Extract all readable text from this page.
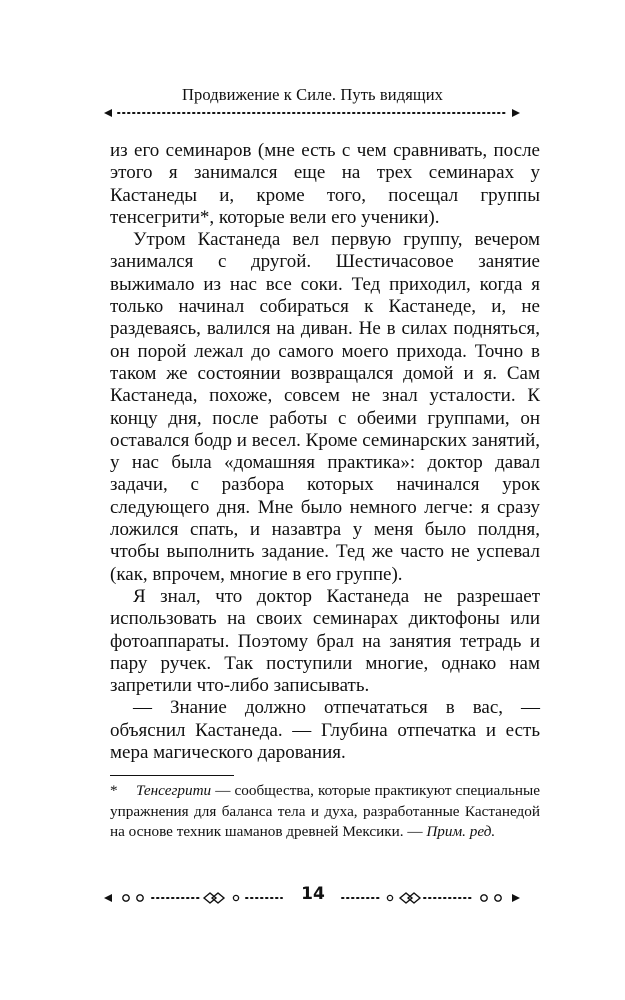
Продвижение к Силе. Путь видящих

из его семинаров (мне есть с чем сравнивать, после этого я занимался еще на трех семинарах у Кастанеды и, кроме того, посещал группы тенсегрити*, которые вели его ученики).

Утром Кастанеда вел первую группу, вечером занимался с другой. Шестичасовое занятие выжимало из нас все соки. Тед приходил, когда я только начинал собираться к Кастанеде, и, не раздеваясь, валился на диван. Не в силах подняться, он порой лежал до самого моего прихода. Точно в таком же состоянии возвращался домой и я. Сам Кастанеда, похоже, совсем не знал усталости. К концу дня, после работы с обеими группами, он оставался бодр и весел. Кроме семинарских занятий, у нас была «домашняя практика»: доктор давал задачи, с разбора которых начинался урок следующего дня. Мне было немного легче: я сразу ложился спать, и назавтра у меня было полдня, чтобы выполнить задание. Тед же часто не успевал (как, впрочем, многие в его группе).

Я знал, что доктор Кастанеда не разрешает использовать на своих семинарах диктофоны или фотоаппараты. Поэтому брал на занятия тетрадь и пару ручек. Так поступили многие, однако нам запретили что-либо записывать.

— Знание должно отпечататься в вас, — объяснил Кастанеда. — Глубина отпечатка и есть мера магического дарования.

* Тенсегрити — сообщества, которые практикуют специальные упражнения для баланса тела и духа, разработанные Кастанедой на основе техник шаманов древней Мексики. — Прим. ред.
14
